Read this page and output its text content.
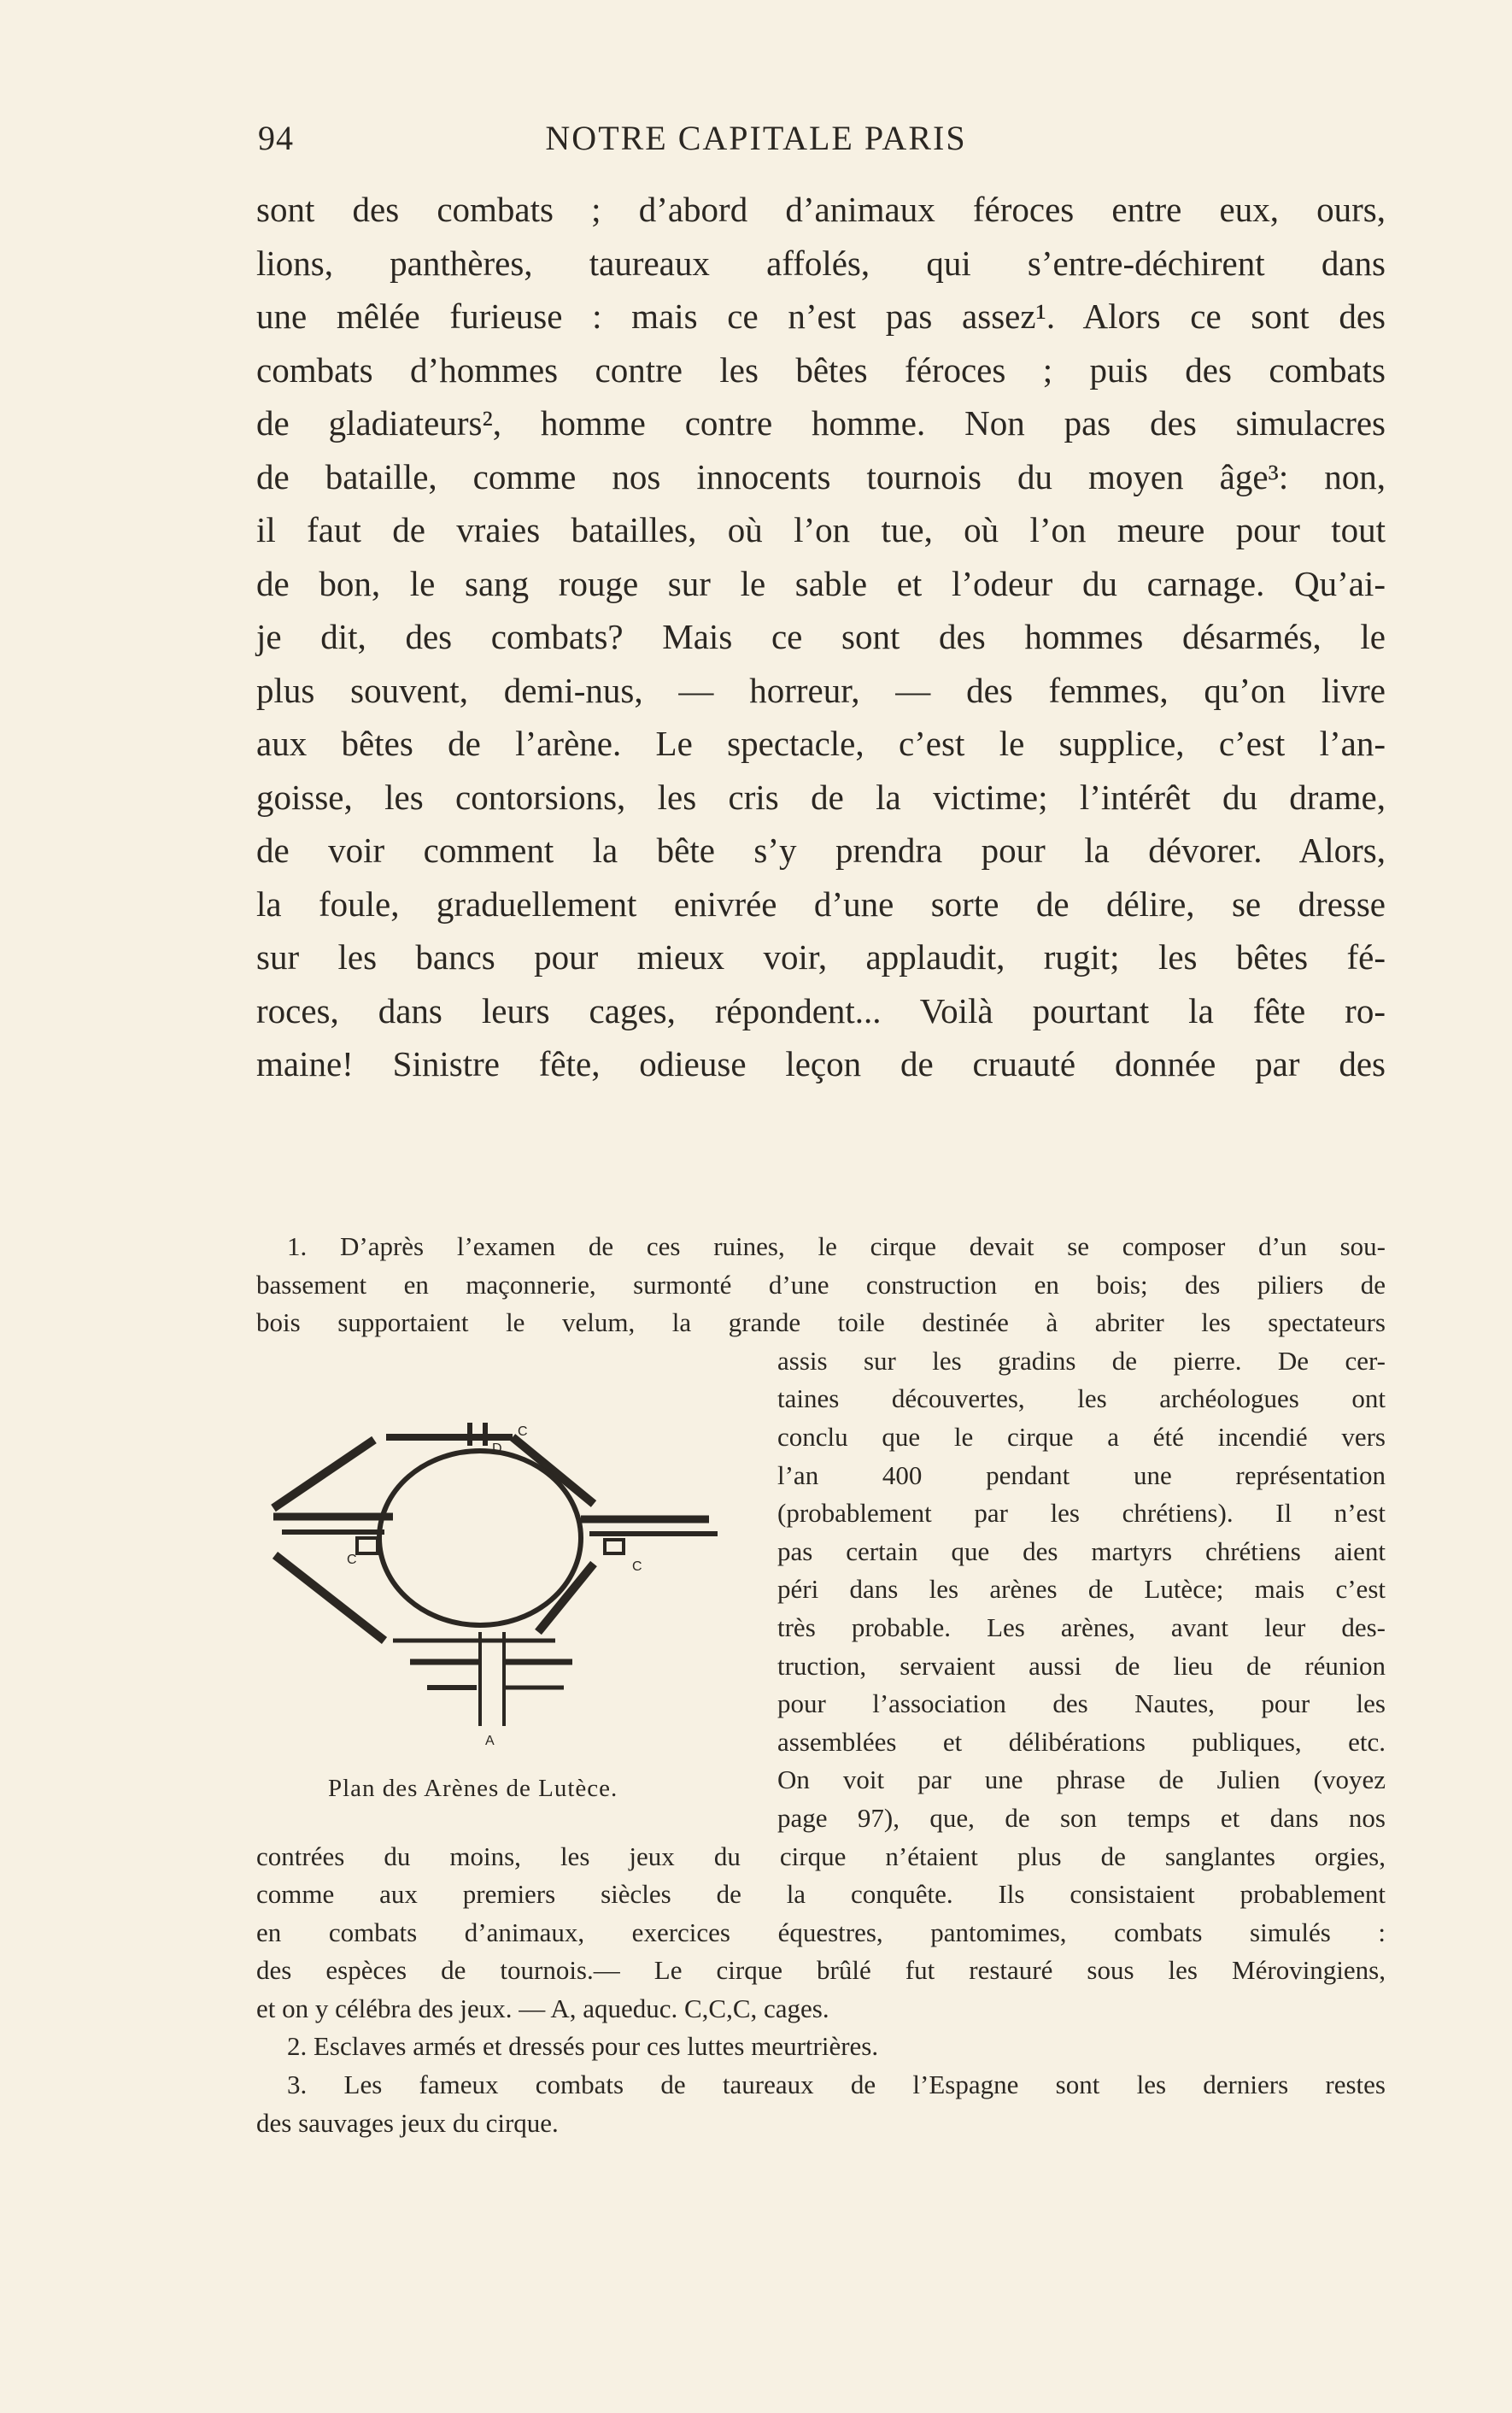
94	NOTRE CAPITALE PARIS
sont des combats ; d’abord d’animaux féroces entre eux, ours,
lions, panthères, taureaux affolés, qui s’entre-déchirent dans
une mêlée furieuse : mais ce n’est pas assez¹. Alors ce sont des
combats d’hommes contre les bêtes féroces ; puis des combats
de gladiateurs², homme contre homme. Non pas des simulacres
de bataille, comme nos innocents tournois du moyen âge³: non,
il faut de vraies batailles, où l’on tue, où l’on meure pour tout
de bon, le sang rouge sur le sable et l’odeur du carnage. Qu’ai-
je dit, des combats? Mais ce sont des hommes désarmés, le
plus souvent, demi-nus, — horreur, — des femmes, qu’on livre
aux bêtes de l’arène. Le spectacle, c’est le supplice, c’est l’an-
goisse, les contorsions, les cris de la victime; l’intérêt du drame,
de voir comment la bête s’y prendra pour la dévorer. Alors,
la foule, graduellement enivrée d’une sorte de délire, se dresse
sur les bancs pour mieux voir, applaudit, rugit; les bêtes fé-
roces, dans leurs cages, répondent... Voilà pourtant la fête ro-
maine! Sinistre fête, odieuse leçon de cruauté donnée par des
1. D’après l’examen de ces ruines, le cirque devait se composer d’un sou-
bassement en maçonnerie, surmonté d’une construction en bois; des piliers de
bois supportaient le velum, la grande toile destinée à abriter les spectateurs
assis sur les gradins de pierre. De cer-
taines découvertes, les archéologues ont
conclu que le cirque a été incendié vers
l’an 400 pendant une représentation
(probablement par les chrétiens). Il n’est
pas certain que des martyrs chrétiens aient
péri dans les arènes de Lutèce; mais c’est
très probable. Les arènes, avant leur des-
truction, servaient aussi de lieu de réunion
pour l’association des Nautes, pour les
assemblées et délibérations publiques, etc.
On voit par une phrase de Julien (voyez
page 97), que, de son temps et dans nos
contrées du moins, les jeux du cirque n’étaient plus de sanglantes orgies,
comme aux premiers siècles de la conquête. Ils consistaient probablement
en combats d’animaux, exercices équestres, pantomimes, combats simulés :
des espèces de tournois.— Le cirque brûlé fut restauré sous les Mérovingiens,
et on y célébra des jeux. — A, aqueduc. C,C,C, cages.
2. Esclaves armés et dressés pour ces luttes meurtrières.
3. Les fameux combats de taureaux de l’Espagne sont les derniers restes
des sauvages jeux du cirque.
C
D
C	C
A
Plan des Arènes de Lutèce.
